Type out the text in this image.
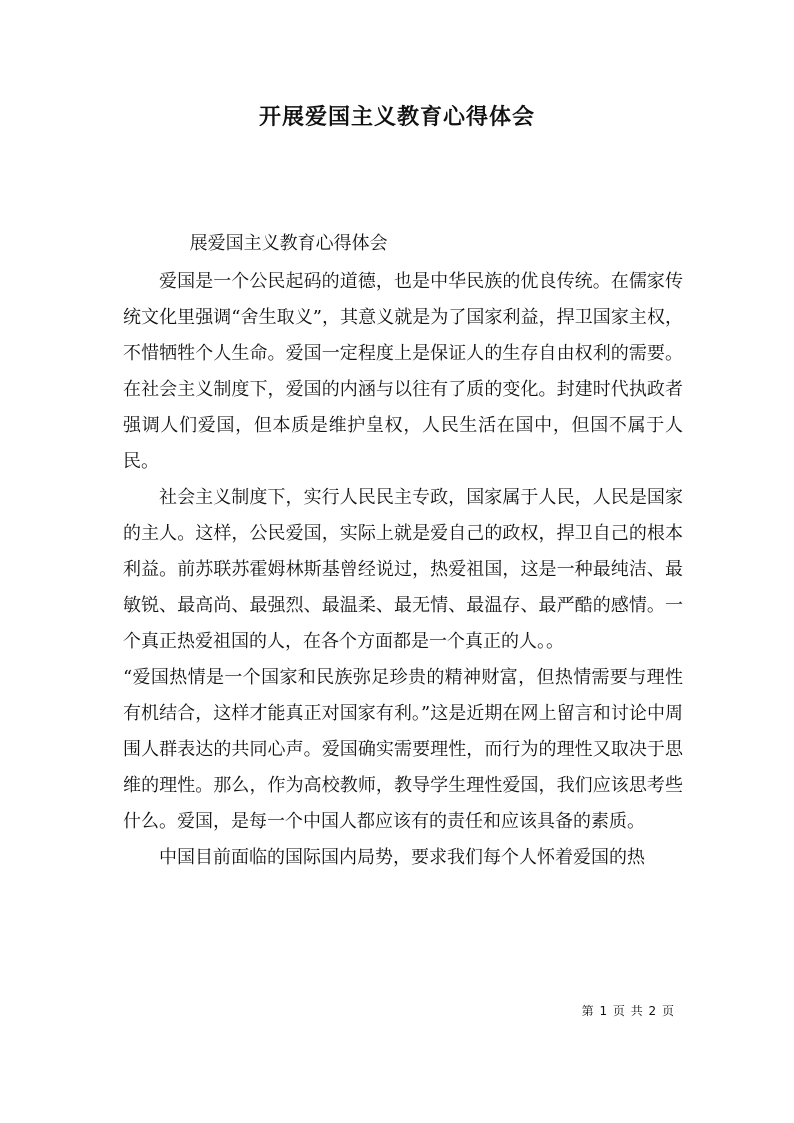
开展爱国主义教育心得体会

展爱国主义教育心得体会

爱国是一个公民起码的道德，也是中华民族的优良传统。在儒家传统文化里强调“舍生取义”，其意义就是为了国家利益，捍卫国家主权，不惜牺牲个人生命。爱国一定程度上是保证人的生存自由权利的需要。在社会主义制度下，爱国的内涵与以往有了质的变化。封建时代执政者强调人们爱国，但本质是维护皇权，人民生活在国中，但国不属于人民。

社会主义制度下，实行人民民主专政，国家属于人民，人民是国家的主人。这样，公民爱国，实际上就是爱自己的政权，捍卫自己的根本利益。前苏联苏霍姆林斯基曾经说过，热爱祖国，这是一种最纯洁、最敏锐、最高尚、最强烈、最温柔、最无情、最温存、最严酷的感情。一个真正热爱祖国的人，在各个方面都是一个真正的人。。

“爱国热情是一个国家和民族弥足珍贵的精神财富，但热情需要与理性有机结合，这样才能真正对国家有利。”这是近期在网上留言和讨论中周围人群表达的共同心声。爱国确实需要理性，而行为的理性又取决于思维的理性。那么，作为高校教师，教导学生理性爱国，我们应该思考些什么。爱国，是每一个中国人都应该有的责任和应该具备的素质。

中国目前面临的国际国内局势，要求我们每个人怀着爱国的热

第 1 页 共 2 页
